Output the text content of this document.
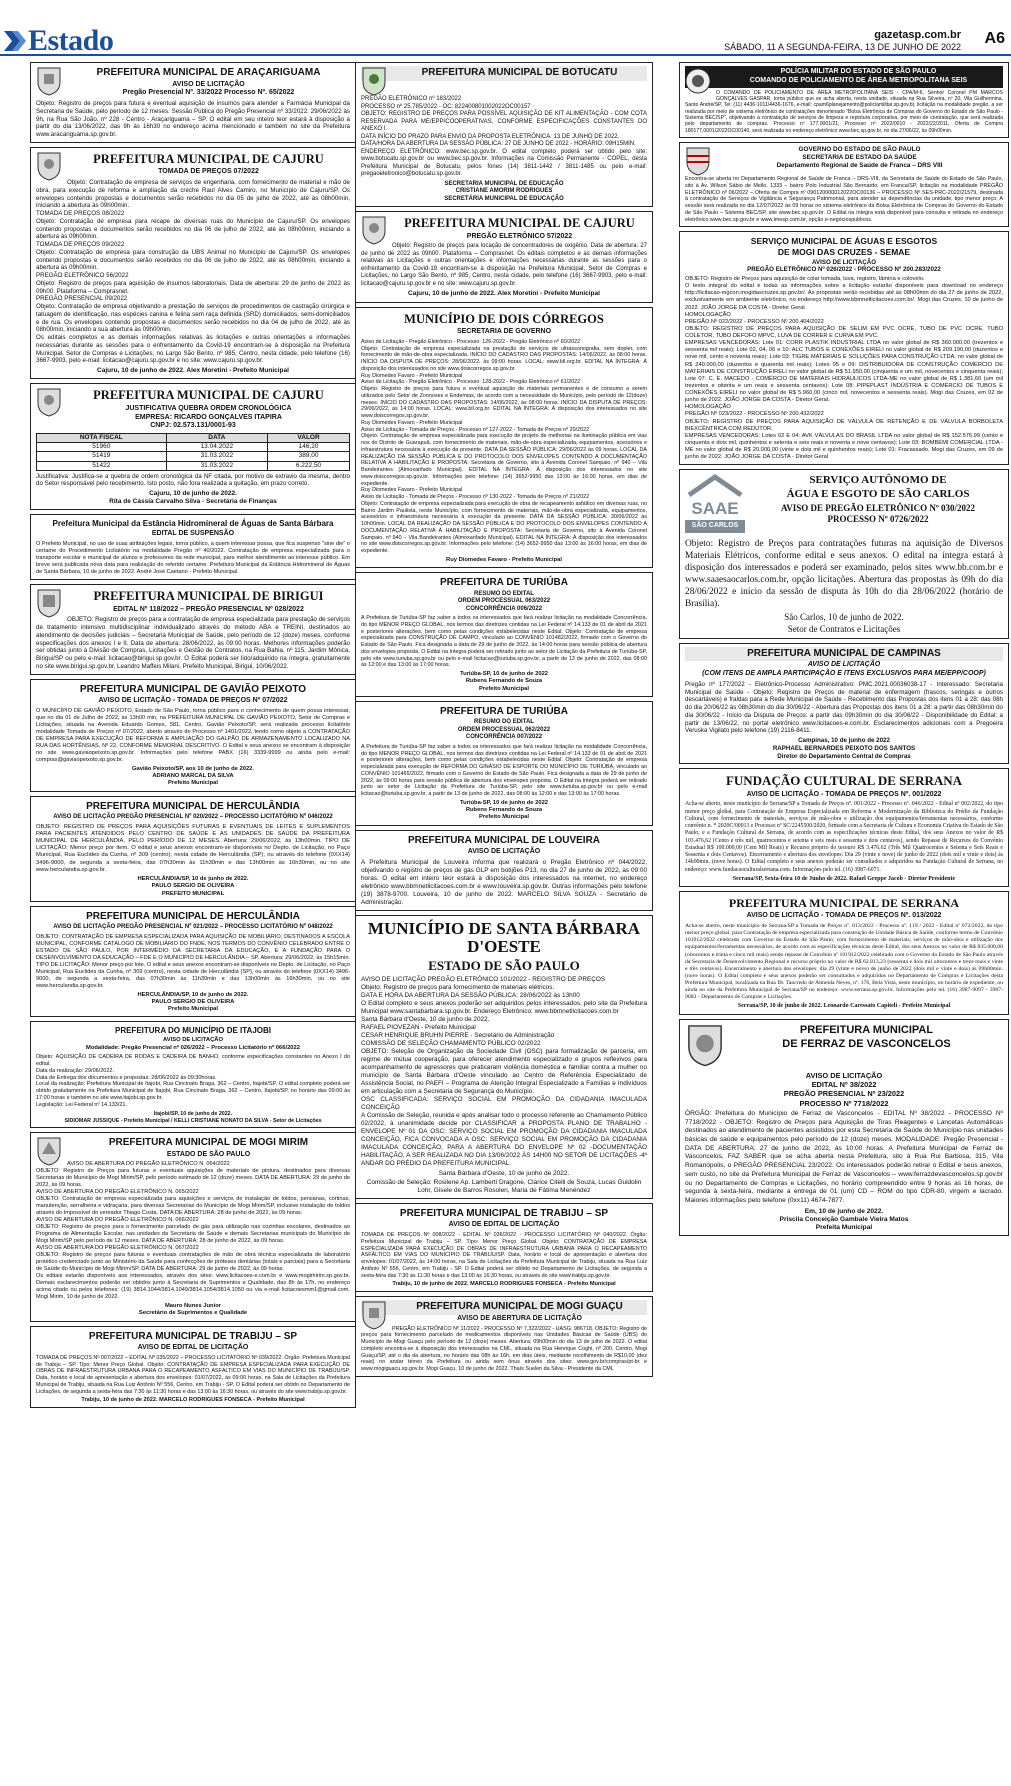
Estado	gazetasp.com.br
SÁBADO, 11 A SEGUNDA-FEIRA, 13 DE JUNHO DE 2022 A6
PREFEITURA MUNICIPAL DE ARAÇARIGUAMA
AVISO DE LICITAÇÃO
Pregão Presencial Nº. 33/2022 Processo Nº. 65/2022
Objeto: Registro de preços para futura e eventual aquisição de insumos para atender a Farmácia Municipal da Secretaria de Saúde, pelo período de 12 meses. Sessão Pública do Pregão Presencial nº 33/2022: 29/06/2022 às 9h, na Rua São João, nº 228 - Centro - Araçariguama – SP. O edital em seu inteiro teor estará à disposição a partir do dia 13/06/2022, das 9h às 16h30 no endereço acima mencionado e também no site da Prefeitura www.aracariguama.sp.gov.br.
PREFEITURA MUNICIPAL DE CAJURU
TOMADA DE PREÇOS 07/2022
Objeto: Contratação de empresa de serviços de engenharia, com fornecimento de material e mão de obra, para execução de reforma e ampliação da creche Raul Alves Camiro, no Município de Cajuru/SP. Os envelopes contendo propostas e documentos serão recebidos no dia 05 de julho de 2022, até às 08h00min, iniciando a abertura às 09h00min.
TOMADA DE PREÇOS 08/2022
Objeto: Contratação de empresa para recape de diversas ruas do Município de Cajuru/SP. Os envelopes contendo propostas e documentos serão recebidos no dia 06 de julho de 2022, até às 08h00min, iniciando a abertura às 09h00min.
TOMADA DE PREÇOS 09/2022
Objeto: Contratação de empresa para construção da UBS Animal no Município de Cajuru/SP. Os envelopes contendo propostas e documentos serão recebidos no dia 06 de julho de 2022, até às 08h00min, iniciando a abertura às 09h00min.
PREGÃO ELETRÔNICO 56/2022
Objeto: Registro de preços para aquisição de insumos laboratoriais. Data de abertura: 29 de junho de 2022 às 09h00. Plataforma – Comprasnet.
PREGÃO PRESENCIAL 09/2022
Objeto: Contratação de empresa objetivando a prestação de serviços de procedimentos de castração cirúrgica e tatuagem de identificação, nas espécies canina e felina sem raça definida (SRD) domiciliados, semi-domiciliados e de rua. Os envelopes contendo propostas e documentos serão recebidos no dia 04 de julho de 2022, até às 08h00min, iniciando a sua abertura às 09h00min.
Os editais completos e as demais informações relativas às licitações e outras orientações e informações necessárias durante as sessões para o enfrentamento da Covid-19 encontram-se à disposição na Prefeitura Municipal, Setor de Compras e Licitações, no Largo São Bento, nº 985, Centro, nesta cidade, pelo telefone (16) 3667-9903, pelo e-mail: licitacao@cajuru.sp.gov.br e no site: www.cajuru.sp.gov.br.
Cajuru, 10 de junho de 2022. Alex Moretini - Prefeito Municipal
PREFEITURA MUNICIPAL DE CAJURU
JUSTIFICATIVA QUEBRA ORDEM CRONOLÓGICA
EMPRESA: RICARDO GONÇALVES ITAPIRA
CNPJ: 02.573.131/0001-93
NOTA FISCAL	DATA	VALOR
51960	13.04.2022	146,20
51419	31.03.2022	389,00
51422	31.03.2022	6.222,50
Justificativa: Justifica-se a quebra de ordem cronológica da NF citada, por motivo de extravio da mesma, dentro do Setor responsável pelo recebimento. Isto posto, não fora realizada a quitação, em prazo correto.
Cajuru, 10 de junho de 2022.
Rita de Cássia Carvalho Silva - Secretária de Finanças
Prefeitura Municipal da Estância Hidromineral de Águas de Santa Bárbara
EDITAL DE SUSPENSÃO
O Prefeito Municipal, no uso de suas atribuições legais, torna público, a quem interessar possa, que fica suspenso "sine die" o certame do Procedimento Licitatório na modalidade Pregão nº 40/2022. Contratação de empresa especializada para o transporte escolar e municipal de alunos e professores da rede municipal, para melhor atendimento ao interesse público. Em breve será publicada nova data para realização do referido certame. Prefeitura Municipal da Estância Hidromineral de Águas de Santa Bárbara, 10 de junho de 2022. André José Caetano - Prefeito Municipal
PREFEITURA MUNICIPAL DE BIRIGUI
EDITAL Nº 118/2022 – PREGÃO PRESENCIAL Nº 028/2022
OBJETO: Registro de preços para a contratação de empresa especializada para prestação de serviços de tratamento intensivo multidisciplinar individualizado através do método ABA e TREINI, destinados ao atendimento de decisões judiciais – Secretaria Municipal de Saúde, pelo período de 12 (doze) meses, conforme especificações dos anexos I e II. Data de abertura: 28/06/2022, às 09:00 horas. Melhores informações poderão ser obtidas junto à Divisão de Compras, Licitações e Gestão de Contratos, na Rua Bahia, nº 115, Jardim Mônica, Birigui/SP ou pelo e-mail: licitacao@birigui.sp.gov.br. O Edital poderá ser lido/adquirido na íntegra, gratuitamente no site www.birigui.sp.gov.br. Leandro Maffeis Milani, Prefeito Municipal, Birigui, 10/06/2022.
PREFEITURA MUNICIPAL DE GAVIÃO PEIXOTO
AVISO DE LICITAÇÃO - TOMADA DE PREÇOS Nº 07/2022
O MUNICÍPIO DE GAVIÃO PEIXOTO, Estado de São Paulo, torna público para o conhecimento de quem possa interessar, que no dia 01 de Julho de 2022, às 13h00 min, na PREFEITURA MUNICIPAL DE GAVIÃO PEIXOTO, Setor de Compras e Licitações, situada na Avenida Eduardo Gomes, 581, Centro, Gavião Peixoto/SP, será realizada processo licitatório modalidade Tomada de Preços nº 07/2022, aberto através do Processo nº 1401/2022, tendo como objeto a CONTRATAÇÃO DE EMPRESA PARA EXECUÇÃO DE REFORMA E AMPLIAÇÃO DO GALPÃO DE ARMAZENAMENTO LOCALIZADO NA RUA DAS HORTÊNSIAS, Nº 22, CONFORME MEMORIAL DESCRITIVO. O Edital e seus anexos se encontram à disposição no site www.gaviaopeixoto.sp.gov.br. Informações pelo telefone PABX (16) 3339-9999 ou ainda pelo e-mail: compras@gaviaopeixoto.sp.gov.br.
Gavião Peixoto/SP, aos 10 de junho de 2022.
ADRIANO MARCAL DA SILVA
Prefeito Municipal
PREFEITURA MUNICIPAL DE HERCULÂNDIA
AVISO DE LICITAÇÃO PREGÃO PRESENCIAL Nº 020/2022 – PROCESSO LICITATÓRIO Nº 046/2022
OBJETO: REGISTRO DE PREÇOS PARA AQUISIÇÕES FUTURAS E EVENTUAIS DE LEITES E SUPLEMENTOS PARA PACIENTES ATENDIDOS PELO CENTRO DE SAÚDE E AS UNIDADES DE SAÚDE DA PREFEITURA MUNICIPAL DE HERCULÂNDIA, PELO PERÍODO DE 12 MESES. Abertura: 29/06/2022, às 13h00min. TIPO DE LICITAÇÃO: Menor preço por item. O edital e seus anexos encontram-se disponíveis no Depto. de Licitação, no Paço Municipal, Rua Euclides da Cunha, nº 309 (centro), nesta cidade de Herculândia (SP), ou através do telefone (0XX14) 3496-9000, de segunda a sexta-feira, das 07h30min às 11h30min e das 13h00min às 16h30min, ou no site www.herculandia.sp.gov.br.
HERCULÂNDIA/SP, 10 de junho de 2022.
PAULO SERGIO DE OLIVEIRA
PREFEITO MUNICIPAL
PREFEITURA MUNICIPAL DE HERCULÂNDIA
AVISO DE LICITAÇÃO PREGÃO PRESENCIAL Nº 021/2022 – PROCESSO LICITATÓRIO Nº 048/2022
OBJETO: CONTRATAÇÃO DE EMPRESA ESPECIALIZADA PARA AQUISIÇÃO DE MOBILIÁRIO, DESTINADOS A ESCOLA MUNICIPAL, CONFORME CATÁLOGO DE MOBILIÁRIO DO FNDE, NOS TERMOS DO CONVÊNIO CELEBRADO ENTRE O ESTADO DE SÃO PAULO, POR INTERMÉDIO DA SECRETARIA DA EDUCAÇÃO, E A FUNDAÇÃO PARA O DESENVOLVIMENTO DA EDUCAÇÃO – FDE E O MUNICÍPIO DE HERCULÂNDIA – SP. Abertura: 29/06/2022, às 15h15min. TIPO DE LICITAÇÃO: Menor preço por lote. O edital e seus anexos encontram-se disponíveis no Depto. de Licitação, no Paço Municipal, Rua Euclides da Cunha, nº 309 (centro), nesta cidade de Herculândia (SP), ou através do telefone (0XX14) 3496-9000, de segunda a sexta-feira, das 07h30min às 11h30min e das 13h00min às 16h30min, ou no site www.herculandia.sp.gov.br.
HERCULÂNDIA/SP, 10 de junho de 2022.
PAULO SERGIO DE OLIVEIRA
Prefeito Municipal
PREFEITURA DO MUNICÍPIO DE ITAJOBI
AVISO DE LICITAÇÃO
Modalidade: Pregão Presencial nº 026/2022 – Processo Licitatório nº 066/2022
Objeto: AQUISIÇÃO DE CADEIRA DE RODAS E CADEIRA DE BANHO, conforme especificações constantes no Anexo I do edital.
Data da realização: 29/06/2022.
Data de Entrega dos documentos e propostas: 28/06/2022 às 09:30horas.
Local da realização: Prefeitura Municipal de Itajobi, Rua Cincinato Braga, 362 – Centro, Itajobi/SP. O edital completo poderá ser obtido gratuitamente na Prefeitura Municipal de Itajobi, Rua Cincinato Braga, 362 – Centro, Itajobi/SP, no horário das 09:00 às 17:00 horas e também no site www.itajobi.sp.gov.br.
Legislação: Lei Federal nº 14.133/21.
Itajobi/SP, 10 de junho de 2022.
SIDIOMAR JUSSIQUE - Prefeito Municipal / KELLI CRISTIANE NONATO DA SILVA - Setor de Licitações
PREFEITURA MUNICIPAL DE MOGI MIRIM
ESTADO DE SÃO PAULO
AVISO DE ABERTURA DO PREGÃO ELETRÔNICO N. 064/2022
OBJETO: Registro de Preços para futuras e eventuais aquisições de materiais de pintura, destinados para diversas Secretarias do Município de Mogi Mirim/SP, pelo período estimado de 12 (doze) meses. DATA DE ABERTURA: 29 de junho de 2022, às 09 horas.
AVISO DE ABERTURA DO PREGÃO ELETRÔNICO N. 065/2022
OBJETO: Contratação de empresa especializada para aquisições e serviços de instalação de toldos, persianas, cortinas, manutenção, serralheria e vidraçaria, para diversas Secretarias do Município de Mogi Mirim/SP, inclusive instalação de toldos através do Impossível do vereador Thiago Costa. DATA DE ABERTURA: 28 de junho de 2022, às 09 horas.
AVISO DE ABERTURA DO PREGÃO ELETRÔNICO N. 066/2022
OBJETO: Registro de preços para o fornecimento parcelado de gás para utilização nas cozinhas escolares, destinados ao Programa de Alimentação Escolar, nas unidades da Secretaria de Saúde e demais Secretarias municipais do Município de Mogi Mirim/SP pelo período de 12 meses. DATA DE ABERTURA: 28 de junho de 2022, às 09 horas.
AVISO DE ABERTURA DO PREGÃO ELETRÔNICO N. 067/2022
OBJETO: Registro de preços para futuras e eventuais contratações de mão de obra técnica especializada de laboratório protético credenciado junto ao Ministério da Saúde para confecções de próteses dentárias (totais e parciais) para a Secretaria de Saúde do Município de Mogi Mirim/SP. DATA DE ABERTURA: 29 de junho de 2022, às 09 horas.
Os editais estarão disponíveis aos interessados, através dos sites: www.licitacoes-e.com.br e www.mogimirim.sp.gov.br. Demais esclarecimentos poderão ser obtidos junto à Secretaria de Suprimentos e Qualidade, das 8h às 17h, no endereço acima citado ou pelos telefones: (19) 3814.1044/3814.1049/3814.1054/3814.1050 ou via e-mail licitacoesmm1@gmail.com. Mogi Mirim, 10 de junho de 2022.
Mauro Nunes Junior
Secretário de Suprimentos e Qualidade
PREFEITURA MUNICIPAL DE TRABIJU – SP
AVISO DE EDITAL DE LICITAÇÃO
TOMADA DE PREÇOS Nº 007/2022 – EDITAL Nº 035/2022 – PROCESSO LICITATÓRIO Nº 039/2022. Órgão: Prefeitura Municipal de Trabiju – SP. Tipo: Menor Preço Global. Objeto: CONTRATAÇÃO DE EMPRESA ESPECIALIZADA PARA EXECUÇÃO DE OBRAS DE INFRAESTRUTURA URBANA PARA O RECAPEAMENTO ASFÁLTICO EM VIAS DO MUNICÍPIO DE TRABIJU/SP. Data, horário e local de apresentação e abertura dos envelopes: 01/07/2022, às 09:00 horas, na Sala de Licitações da Prefeitura Municipal de Trabiju, situada na Rua Luiz Antônio Nº 556, Centro, em Trabiju - SP. O Edital poderá ser obtido no Departamento de Licitações, de segunda a sexta-feira das 7:30 às 11:30 horas e das 13:00 às 16:30 horas, ou através do site www.trabiju.sp.gov.br.
Trabiju, 10 de junho de 2022. MARCELO RODRIGUES FONSECA - Prefeito Municipal
PREFEITURA MUNICIPAL DE BOTUCATU
PREGÃO ELETRÔNICO nº 183/2022
PROCESSO nº 25.785/2022 - OC: 822400801002022OC00157
OBJETO: REGISTRO DE PREÇOS PARA POSSÍVEL AQUISIÇÃO DE KIT ALIMENTAÇÃO - COM COTA RESERVADA PARA ME/EPP/COOPERATIVAS, CONFORME ESPECIFICAÇÕES CONSTANTES DO ANEXO I.
DATA INÍCIO DO PRAZO PARA ENVIO DA PROPOSTA ELETRÔNICA: 13 DE JUNHO DE 2022.
DATA/HORA DA ABERTURA DA SESSÃO PÚBLICA: 27 DE JUNHO DE 2022 - HORÁRIO: 09H15MIN.
ENDEREÇO ELETRÔNICO: www.bec.sp.gov.br. O edital completo poderá ser obtido pelo site: www.botucatu.sp.gov.br ou www.bec.sp.gov.br. Informações na Comissão Permanente - COPEL, desta Prefeitura Municipal de Botucatu, pelos fones (14) 3811-1442 / 3811-1485 ou pelo e-mail: pregaoeletronico@botucatu.sp.gov.br.
SECRETARIA MUNICIPAL DE EDUCAÇÃO
CRISTIANE AMORIM RODRIGUES
SECRETÁRIA MUNICIPAL DE EDUCAÇÃO
PREFEITURA MUNICIPAL DE CAJURU
PREGÃO ELETRÔNICO 57/2022
Objeto: Registro de preços para locação de concentradores de oxigênio. Data de abertura: 27 de junho de 2022 às 09h00. Plataforma – Comprasnet. Os editais completos e as demais informações relativas às Licitações e outras orientações e informações necessárias durante as sessões para o enfrentamento da Covid-19 encontram-se à disposição na Prefeitura Municipal, Setor de Compras e Licitações, no Largo São Bento, nº 985, Centro, nesta cidade, pelo telefone (16) 3667-9903, pelo e-mail: licitacao@cajuru.sp.gov.br e no site: www.cajuru.sp.gov.br.
Cajuru, 10 de junho de 2022. Alex Moretini - Prefeito Municipal
MUNICÍPIO DE DOIS CÓRREGOS
SECRETARIA DE GOVERNO
Aviso de Licitação - Pregão Eletrônico - Processo: 126-2022 - Pregão Eletrônico nº 60/2022
Objeto: Contratação de empresa especializada na prestação de serviços de ultrassonografia, sem dopler, com fornecimento de mão-de-obra especializada. INÍCIO DO CADASTRO DAS PROPOSTAS: 14/06/2022, às 08:00 horas. INÍCIO DA DISPUTA DE PREÇOS: 28/06/2022, às 09:00 horas. LOCAL: www.bll.org.br. EDITAL NA ÍNTEGRA: À disposição dos interessados no site www.doiscorregos.sp.gov.br.
Ruy Diomedes Favaro - Prefeito Municipal
Aviso de Licitação - Pregão Eletrônico - Processo: 128-2022 - Pregão Eletrônico nº 61/2022
Objeto: Registro de preços para futura e eventual aquisição de materiais permanentes e de consumo a serem utilizados pelo Setor de Zoonoses e Endemias, de acordo com a necessidade do Município, pelo período de 12(doze) meses. INÍCIO DO CADASTRO DAS PROPOSTAS: 14/06/2022, às 08:00 horas. INÍCIO DA DISPUTA DE PREÇOS: 29/06/2022, às 14:00 horas. LOCAL: www.bll.org.br. EDITAL NA ÍNTEGRA: À disposição dos interessados no site www.doiscorregos.sp.gov.br.
Ruy Diomedes Favaro - Prefeito Municipal
Aviso de Licitação - Tomada de Preços - Processo nº 127-2022 - Tomada de Preços nº 20/2022
Objeto: Contratação de empresa especializada para execução de projeto de melhorias na iluminação pública em vias nos do Distrito de Guarapuã, com fornecimento de materiais, mão-de-obra especializada, equipamentos, acessórios e infraestrutura necessária à execução da presente. DATA DA SESSÃO PÚBLICA: 29/06/2022 às 09 horas. LOCAL DA REALIZAÇÃO DA SESSÃO PÚBLICA E DO PROTOCOLO DOS ENVELOPES CONTENDO A DOCUMENTAÇÃO RELATIVA À HABILITAÇÃO E PROPOSTA: Secretaria de Governo, sito à Avenida Coronel Sampaio, nº 940 – Vila Bandeirantes (Almoxarifado Municipal). EDITAL NA ÍNTEGRA: À disposição dos interessados no site www.doiscorregos.sp.gov.br. Informações pelo telefone: (14) 3652-9950 das 13:00 às 16:00 horas, em dias de expediente.
Ruy Diomedes Favaro - Prefeito Municipal
Aviso de Licitação - Tomada de Preços - Processo nº 130-2022 - Tomada de Preços nº 21/2022
Objeto: Contratação de empresa especializada para execução de obra de recapeamento asfáltico em diversas ruas, no Bairro Jardim Paulista, neste Município, com fornecimento de materiais, mão-de-obra especializada, equipamentos, acessórios e infraestrutura necessária à execução da presente. DATA DA SESSÃO PÚBLICA: 30/06/2022 às 10h00min. LOCAL DA REALIZAÇÃO DA SESSÃO PÚBLICA E DO PROTOCOLO DOS ENVELOPES CONTENDO A DOCUMENTAÇÃO RELATIVA À HABILITAÇÃO E PROPOSTA: Secretaria de Governo, sito à Avenida Coronel Sampaio, nº 940 – Vila Bandeirantes (Almoxarifado Municipal). EDITAL NA ÍNTEGRA: À disposição dos interessados no site www.doiscorregos.sp.gov.br. Informações pelo telefone: (14) 3652-9950 das 13:00 às 16:00 horas, em dias de expediente.
Ruy Diomedes Favaro - Prefeito Municipal
PREFEITURA DE TURIÚBA
RESUMO DO EDITAL
ORDEM PROCESSUAL 063/2022
CONCORRÊNCIA 006/2022
A Prefeitura de Turiúba-SP faz saber a todos os interessados que fará realizar licitação na modalidade Concorrência, do tipo MENOR PREÇO GLOBAL, nos termos das diretrizes contidas na Lei Federal nº 14.133 de 01 de abril de 2021 e posteriores alterações, bem como pelas condições estabelecidas neste Edital. Objeto: Contratação de empresa especializada para CONSTRUÇÃO DE CAMPO, vinculado ao CONVÊNIO 101482/2022, firmado com o Governo do Estado de São Paulo. Fica designada a data de 29 de junho de 2022, às 14:00 horas para sessão pública de abertura dos envelopes proposta. O Edital na íntegra poderá ser retirado junto ao setor de Licitação da Prefeitura de Turiúba-SP, pelo site www.turiuba.sp.gov.br ou pelo e-mail licitacao@turiuba.sp.gov.br, a partir de 13 de junho de 2022, das 08:00 às 12:00 e das 13:00 às 17:00 horas.
Turiúba-SP, 10 de junho de 2022
Rubens Fernando de Souza
Prefeito Municipal
PREFEITURA DE TURIÚBA
RESUMO DO EDITAL
ORDEM PROCESSUAL 062/2022
CONCORRÊNCIA 007/2022
A Prefeitura de Turiúba-SP faz saber a todos os interessados que fará realizar licitação na modalidade Concorrência, do tipo MENOR PREÇO GLOBAL, nos termos das diretrizes contidas na Lei Federal nº 14.133 de 01 de abril de 2021 e posteriores alterações, bem como pelas condições estabelecidas neste Edital. Objeto: Contratação de empresa especializada para execução de REFORMA DO GINÁSIO DE ESPORTE DO MUNICÍPIO DE TURIÚBA, vinculado ao CONVÊNIO 101465/2022, firmado com o Governo do Estado de São Paulo. Fica designada a data de 29 de junho de 2022, às 09:00 horas para sessão pública de abertura dos envelopes proposta. O Edital na íntegra poderá ser retirado junto ao setor de Licitação da Prefeitura de Turiúba-SP, pelo site www.turiuba.sp.gov.br ou pelo e-mail licitacao@turiuba.sp.gov.br, a partir de 13 de junho de 2022, das 08:00 às 12:00 e das 13:00 às 17:00 horas.
Turiúba-SP, 10 de junho de 2022
Rubens Fernando de Souza
Prefeito Municipal
PREFEITURA MUNICIPAL DE LOUVEIRA
AVISO DE LICITAÇÃO
A Prefeitura Municipal de Louveira informa que realizará o Pregão Eletrônico nº 044/2022, objetivando o registro de preços de gás GLP em botijões P13, no dia 27 de junho de 2022, às 09:00 horas. O edital em inteiro teor estará à disposição dos interessados na internet, no endereço eletrônico www.bbmnetlicitacoes.com.br e www.louveira.sp.gov.br. Outras informações pelo telefone (19) 3878-9700. Louveira, 10 de junho de 2022. MARCELO SILVA SOUZA - Secretário de Administração.
MUNICÍPIO DE SANTA BÁRBARA D'OESTE
ESTADO DE SÃO PAULO
AVISO DE LICITAÇÃO PREGÃO ELETRÔNICO 101/2022 - REGISTRO DE PREÇOS
Objeto: Registro de preços para fornecimento de materiais elétricos.
DATA E HORA DA ABERTURA DA SESSÃO PÚBLICA: 28/06/2022 às 13h00
O Edital completo e seus anexos poderão ser adquiridos pelos interessados, pelo site da Prefeitura Municipal www.santabarbara.sp.gov.br. Endereço Eletrônico: www.bbmnetlicitacoes.com.br
Santa Bárbara d'Oeste, 10 de junho de 2022.
RAFAEL PIOVEZAN - Prefeito Municipal
CESAR HENRIQUE BRUHN PIERRE - Secretário de Administração
COMISSÃO DE SELEÇÃO CHAMAMENTO PÚBLICO 02/2022
OBJETO: Seleção de Organização da Sociedade Civil (OSC) para formalização de parceria, em regime de mútua cooperação, para oferecer atendimento especializado e grupos reflexivos para acompanhamento de agressores que praticaram violência doméstica e familiar contra a mulher no município de Santa Bárbara d'Oeste vinculado ao Centro de Referência Especializado de Assistência Social, no PAEFI – Programa de Atenção Integral Especializado a Famílias e Indivíduos em articulação com a Secretaria de Segurança do Município.
OSC CLASSIFICADA: SERVIÇO SOCIAL EM PROMOÇÃO DA CIDADANIA IMACULADA CONCEIÇÃO
A Comissão de Seleção, reunida e após analisar todo o processo referente ao Chamamento Público 02/2022, à unanimidade decide por CLASSIFICAR a PROPOSTA PLANO DE TRABALHO - ENVELOPE Nº 01 DA OSC: SERVIÇO SOCIAL EM PROMOÇÃO DA CIDADANIA IMACULADA CONCEIÇÃO, FICA CONVOCADA A OSC: SERVIÇO SOCIAL EM PROMOÇÃO DA CIDADANIA IMACULADA CONCEIÇÃO, PARA A ABERTURA DO ENVELOPE Nº 02 -DOCUMENTAÇÃO HABILITAÇÃO, A SER REALIZADA NO DIA 13/06/2022 ÀS 14H00 NO SETOR DE LICITAÇÕES -4º ANDAR DO PRÉDIO DA PREFEITURA MUNICIPAL.
Santa Bárbara d'Oeste, 10 de junho de 2022.
Comissão de Seleção: Rosilene Ap. Lamberti Dragone, Clarice Citelli de Souza, Lucas Guidolin Lohr, Gisele de Barros Rosolen, Maria de Fátima Menéndez
PREFEITURA MUNICIPAL DE TRABIJU – SP
AVISO DE EDITAL DE LICITAÇÃO
TOMADA DE PREÇOS Nº 008/2022 - EDITAL Nº 036/2022 - PROCESSO LICITATÓRIO Nº 040/2022. Órgão: Prefeitura Municipal de Trabiju – SP. Tipo: Menor Preço Global. Objeto: CONTRATAÇÃO DE EMPRESA ESPECIALIZADA PARA EXECUÇÃO DE OBRAS DE INFRAESTRUTURA URBANA PARA O RECAPEAMENTO ASFÁLTICO EM VIAS DO MUNICÍPIO DE TRABIJU/SP. Data, horário e local de apresentação e abertura dos envelopes: 01/07/2022, às 14:00 horas, na Sala de Licitações da Prefeitura Municipal de Trabiju, situada na Rua Luiz Antônio Nº 556, Centro, em Trabiju - SP. O Edital poderá ser obtido no Departamento de Licitações, de segunda a sexta-feira das 7:30 às 11:30 horas e das 13:00 às 16:30 horas, ou através do site www.trabiju.sp.gov.br.
Trabiju, 10 de junho de 2022. MARCELO RODRIGUES FONSECA - Prefeito Municipal
PREFEITURA MUNICIPAL DE MOGI GUAÇU
AVISO DE ABERTURA DE LICITAÇÃO
PREGÃO ELETRÔNICO Nº 11/2022 - PROCESSO Nº 7.322/2022 - UASG: 986718. OBJETO: Registro de preços para fornecimento parcelado de medicamentos disponíveis nas Unidades Básicas de Saúde (UBS) do Município de Mogi Guaçu pelo período de 12 (doze) meses. Abertura: 09h00min do dia 13 de julho de 2022. O edital completo encontra-se à disposição dos interessados na CML, situada na Rua Henrique Coghi, nº 200, Centro, Mogi Guaçu/SP, até o dia da abertura, no horário das 08h às 16h, em dias úteis, mediante recolhimento de R$10,00 (dez reais) no andar térreo da Prefeitura ou ainda sem ônus através dos sites: www.gov.br/compras/pt-br e www.mogiguacu.sp.gov.br. Mogi Guaçu, 10 de junho de 2022. Thaís Suelen da Silva - Presidente da CML
POLÍCIA MILITAR DO ESTADO DE SÃO PAULO
COMANDO DE POLICIAMENTO DE ÁREA METROPOLITANA SEIS
O COMANDO DE POLICIAMENTO DE ÁREA METROPOLITANA SEIS - CPA/M-6, Senhor Coronel PM MARCOS GONÇALVES GASPAR, torna público que se acha aberta, nesta unidade, situada na Rua Silveira, nº 20, Vila Guilhermina, Santo André/SP, Tel: (11) 4436-1011/4436-1676, e-mail: cpam6planejamento@policiamilitar.sp.gov.br, licitação na modalidade pregão, a ser realizada por meio de sistema eletrônico de contratações denominado "Bolsa Eletrônica de Compras do Governo do Estado de São Paulo - Sistema BEC/SP", objetivando a contratação de serviços de limpeza e repintura corporativa, por meio de contratação, que será realizada pelo departamento de compras. Processo nº 177.0001/21, Processo nº 2022/0010 - 2022/22/2011, Oferta de Compra 180177.0001/2022OC00140, será realizada no endereço eletrônico www.bec.sp.gov.br, no dia 27/06/22, às 09h00min.
GOVERNO DO ESTADO DE SÃO PAULO
SECRETARIA DE ESTADO DA SAÚDE
Departamento Regional de Saúde de Franca – DRS VIII
Encontra-se aberta no Departamento Regional de Saúde de Franca – DRS-VIII, da Secretaria de Saúde do Estado de São Paulo, sito à Av. Wilson Sábio de Mello, 1333 – bairro Polo Industrial São Bernardo, em Franca/SP, licitação na modalidade PREGÃO ELETRÔNICO nº 06/2022 – Oferta de Compra nº 090120000012022OC00136 – PROCESSO Nº SES-PRC-2022/21579, destinada à contratação de Serviços de Vigilância e Segurança Patrimonial, para atender as dependências da unidade, tipo menor preço. A sessão será realizada no dia 12/07/2022 às 09 horas no sistema eletrônico da Bolsa Eletrônica de Compras do Governo do Estado de São Paulo – Sistema BEC/SP, site www.bec.sp.gov.br. O Edital na íntegra está disponível para consulta e retirada no endereço eletrônico www.bec.sp.gov.br e www.imesp.com.br, opção e-negóciospublicos.
SERVIÇO MUNICIPAL DE ÁGUAS E ESGOTOS
DE MOGI DAS CRUZES - SEMAE
AVISO DE LICITAÇÃO
PREGÃO ELETRÔNICO Nº 026/2022 - PROCESSO Nº 200.283/2022
OBJETO: Registro de Preços para aquisição de colar tomada, luva, registro, lâmina e colovelo.
O texto integral do edital e todas as informações sobre a licitação estarão disponíveis para download no endereço http://licitacao-mgcon.mogidascruzes.sp.gov.br/. As propostas serão recebidas até às 08h00min do dia 27 de junho de 2022, exclusivamente em ambiente eletrônico, no endereço http://www.bbmnetlicitacoes.com.br/. Mogi das Cruzes, 10 de junho de 2022. JOÃO JORGE DA COSTA - Diretor Geral
HOMOLOGAÇÃO
PREGÃO Nº 022/2022 - PROCESSO Nº 200.404/2022
OBJETO: REGISTRO DE PREÇOS PARA AQUISIÇÃO DE SELIM EM PVC OCRE, TUBO DE PVC OCRE, TUBO COLETOR, TUBO DEFOFO MPVC, LUVA DE CORRER E CURVA EM PVC.
EMPRESAS VENCEDORAS: Lote 01: CORR PLASTIK INDUSTRIAL LTDA no valor global de R$ 360.000,00 (trezentos e sessenta mil reais); Lote 02, 04, 06 e 10: ALC TUBOS E CONEXÕES EIRELI no valor global de R$ 209.190,00 (duzentos e nove mil, cento e noventa reais); Lote 03: TIGRE MATERIAIS E SOLUÇÕES PARA CONSTRUÇÃO LTDA. no valor global de R$ 240.000,00 (duzentos e quarenta mil reais); Lotes 05 e 09: DISTRIBUIDORA DE CONSTRUÇÃO COMÉRCIO DE MATERIAIS DE CONSTRUÇÃO EIRELI no valor global de R$ 51.950,00 (cinquenta e um mil, novecentos e cinquenta reais); Lote 07: C. E. MACEDO - COMÉRCIO DE MATERIAIS HIDRÁULICOS LTDA-ME no valor global de R$ 1.381,60 (um mil trezentos e oitenta e um reais e sessenta centavos); Lote 08: PIPEPLAST INDÚSTRIA E COMÉRCIO DE TUBOS E CONEXÕES EIRELI no valor global de R$ 5.960,00 (cinco mil, novecentos e sessenta reais). Mogi das Cruzes, em 02 de junho de 2022. JOÃO JORGE DA COSTA - Diretor Geral.
HOMOLOGAÇÃO
PREGÃO Nº 023/2022 - PROCESSO Nº 200.432/2022
OBJETO: REGISTRO DE PREÇOS PARA AQUISIÇÃO DE VÁLVULA DE RETENÇÃO E DE VÁLVULA BORBOLETA BIEXCÊNTRICA COM REDUTOR.
EMPRESAS VENCEDORAS: Lotes 02 E 04: AVK VÁLVULAS DO BRASIL LTDA no valor global de R$ 152.576,99 (cento e cinquenta e dois mil, quinhentos e setenta e seis reais e noventa e nove centavos); Lote 03: BOMBEMI COMERCIAL LTDA - ME no valor global de R$ 20.000,00 (vinte e dois mil e quinhentos reais); Lote 01: Fracassado. Mogi das Cruzes, em 09 de junho de 2022. JOÃO JORGE DA COSTA - Diretor Geral
SAAE
SÃO CARLOS
SERVIÇO AUTÔNOMO DE
ÁGUA E ESGOTO DE SÃO CARLOS
AVISO DE PREGÃO ELETRÔNICO Nº 030/2022
PROCESSO Nº 0726/2022
Objeto: Registro de Preços para contratações futuras na aquisição de Diversos Materiais Elétricos, conforme edital e seus anexos. O edital na íntegra estará à disposição dos interessados e poderá ser examinado, pelos sites www.bb.com.br e www.saaesaocarlos.com.br, opção licitações. Abertura das propostas às 09h do dia 28/06/2022 e início da sessão de disputa às 10h do dia 28/06/2022 (horário de Brasília).
São Carlos, 10 de junho de 2022.
Setor de Contratos e Licitações
PREFEITURA MUNICIPAL DE CAMPINAS
AVISO DE LICITAÇÃO
(COM ITENS DE AMPLA PARTICIPAÇÃO E ITENS EXCLUSIVOS PARA ME/EPP/COOP)
Pregão nº 177/2022 - Eletrônico-Processo Administrativo: PMC.2021.00036038-17 - Interessado: Secretaria Municipal de Saúde - Objeto: Registro de Preços de material de enfermagem (frascos, seringas e outros descartáveis) e fraldas para a Rede Municipal de Saúde - Recebimento das Propostas dos itens 01 a 28: das 08h do dia 20/06/22 às 08h30min do dia 30/06/22 - Abertura das Propostas dos itens 01 a 28: a partir das 08h30min do dia 30/06/22 - Início da Disputa de Preços: a partir das 09h30min do dia 30/06/22 - Disponibilidade do Edital: a partir de 13/06/22, no portal eletrônico www.licitacoes-e.com.br. Esclarecimentos adicionais com a Pregoeira Veruska Vigilato pelo telefone (19) 2116-8411.
Campinas, 10 de junho de 2022
RAPHAEL BERNARDES PEIXOTO DOS SANTOS
Diretor do Departamento Central de Compras
FUNDAÇÃO CULTURAL DE SERRANA
AVISO DE LICITAÇÃO - TOMADA DE PREÇOS Nº. 001/2022
Acha-se aberto, neste município de Serrana/SP a Tomada de Preços nº. 001/2022 - Processo nº. 046/2022 - Edital nº 002/2022, do tipo menor preço global, para Contratação de Empresa Especializada em Reforma e Modernização da Biblioteca do Prédio da Fundação Cultural, com fornecimento de materiais, serviços de mão-obra e utilização dos equipamentos/ferramentas necessários, conforme convênio n. * 2020C/00013 e Processo nº SC/2245500/2020, firmado com a Secretaria de Cultura e Economia Criativa do Estado de São Paulo, e a Fundação Cultural de Serrana, de acordo com as especificações técnicas deste Edital, dos seus Anexos no valor de R$ 103.476,62 (Cento e três mil, quatrocentos e setenta e seis reais e sessenta e dois centavos), sendo Repasse de Recursos do Convênio Estadual R$ 100.000,00 (Cem Mil Reais) e Recurso próprio do tesouro R$ 3.476,62 (Três Mil Quatrocentos e Setenta e Seis Reais e Sessenta e dois Centavos). Encerramento e abertura dos envelopes: Dia 29 (vinte e nove) de junho de 2022 (dois mil e vinte e dois) às 14h00min. (nove horas). O Edital completo e seus anexos poderão ser consultados e adquiridos na Fundação Cultural de Serrana, no endereço: www.fundacaoculturalserrana.com. Informações pelo tel. (16) 3987-6071.
Serrana/SP, Sexta-feira 10 de Junho de 2022. Rafael Greppe Jacob - Diretor Presidente
PREFEITURA MUNICIPAL DE SERRANA
AVISO DE LICITAÇÃO - TOMADA DE PREÇOS Nº. 013/2022
Acha-se aberto, neste município de Serrana/SP a Tomada de Preços nº. 013/2022 - Processo nº. 119 / 2022 - Edital nº 072/2022, do tipo menor preço global, para Contratação de empresa especializada para construção de Unidade Básica de Saúde, conforme termo de Convênio 101912/2022 celebrado com Governo do Estado de São Paulo, com fornecimento de materiais, serviços de mão-obra e utilização dos equipamentos/ferramentas necessários, de acordo com as especificações técnicas deste Edital, dos seus Anexos no valor de R$ 835.000,00 (oitocentos e trinta e cinco mil reais) sendo repasse de Convênio nº 101912/2022 celebrado com o Governo do Estado de São Paulo através da Secretaria de Desenvolvimento Regional e recurso próprio no valor de R$ 62.813,23 (sessenta e dois mil oitocentos e treze reais e vinte e três centavos). Encerramento e abertura dos envelopes: dia 29 (vinte e nove) de junho de 2022 (dois mil e vinte e dois) às 09h00min. (nove horas). O Edital completo e seus anexos poderão ser consultados e adquiridos no Departamento de Compras e Licitações desta Prefeitura Municipal, localizada na Rua Dr. Tancredo de Almeida Neves, nº. 176, Bela Vista, neste município, no horário de expediente, ou ainda no site da Prefeitura Municipal de Serrana/SP no endereço: www.serrana.sp.gov.br. Informações pelo tel. (16) 3987-9097 - 3987-9083 - Departamento de Compras e Licitações.
Serrana/SP, 10 de junho de 2022. Leonardo Caressato Capiteli - Prefeito Municipal
PREFEITURA MUNICIPAL
DE FERRAZ DE VASCONCELOS
AVISO DE LICITAÇÃO
EDITAL Nº 38/2022
PREGÃO PRESENCIAL Nº 23/2022
PROCESSO Nº 7718/2022
ÓRGÃO: Prefeitura do Município de Ferraz de Vasconcelos - EDITAL Nº 38/2022 - PROCESSO Nº 7718/2022 - OBJETO: Registro de Preços para Aquisição de Tiras Reagentes e Lancetas Automáticas destinados ao atendimento de pacientes assistidos por esta Secretaria de Saúde do Município nas unidades básicas de saúde e equipamentos pelo período de 12 (doze) meses. MODALIDADE: Pregão Presencial - DATA DE ABERTURA: 27 de junho de 2022, às 10:00 horas. A Prefeitura Municipal de Ferraz de Vasconcelos, FAZ SABER que se acha aberta nesta Prefeitura, sito à Rua Rui Barbosa, 315, Vila Romanópolis, o PREGÃO PRESENCIAL 23/2022. Os interessados poderão retirar o Edital e seus anexos, sem custo, no site da Prefeitura Municipal de Ferraz de Vasconcelos – www.ferrazdevasconcelos.sp.gov.br ou no Departamento de Compras e Licitações, no horário compreendido entre 9 horas as 16 horas, de segunda à sexta-feira, mediante a entrega de 01 (um) CD – ROM do tipo CDR-80, virgem e lacrado. Maiores informações pelo telefone (0xx11) 4674-7877.
Em, 10 de junho de 2022.
Priscila Conceição Gambale Vieira Matos
Prefeita Municipal
